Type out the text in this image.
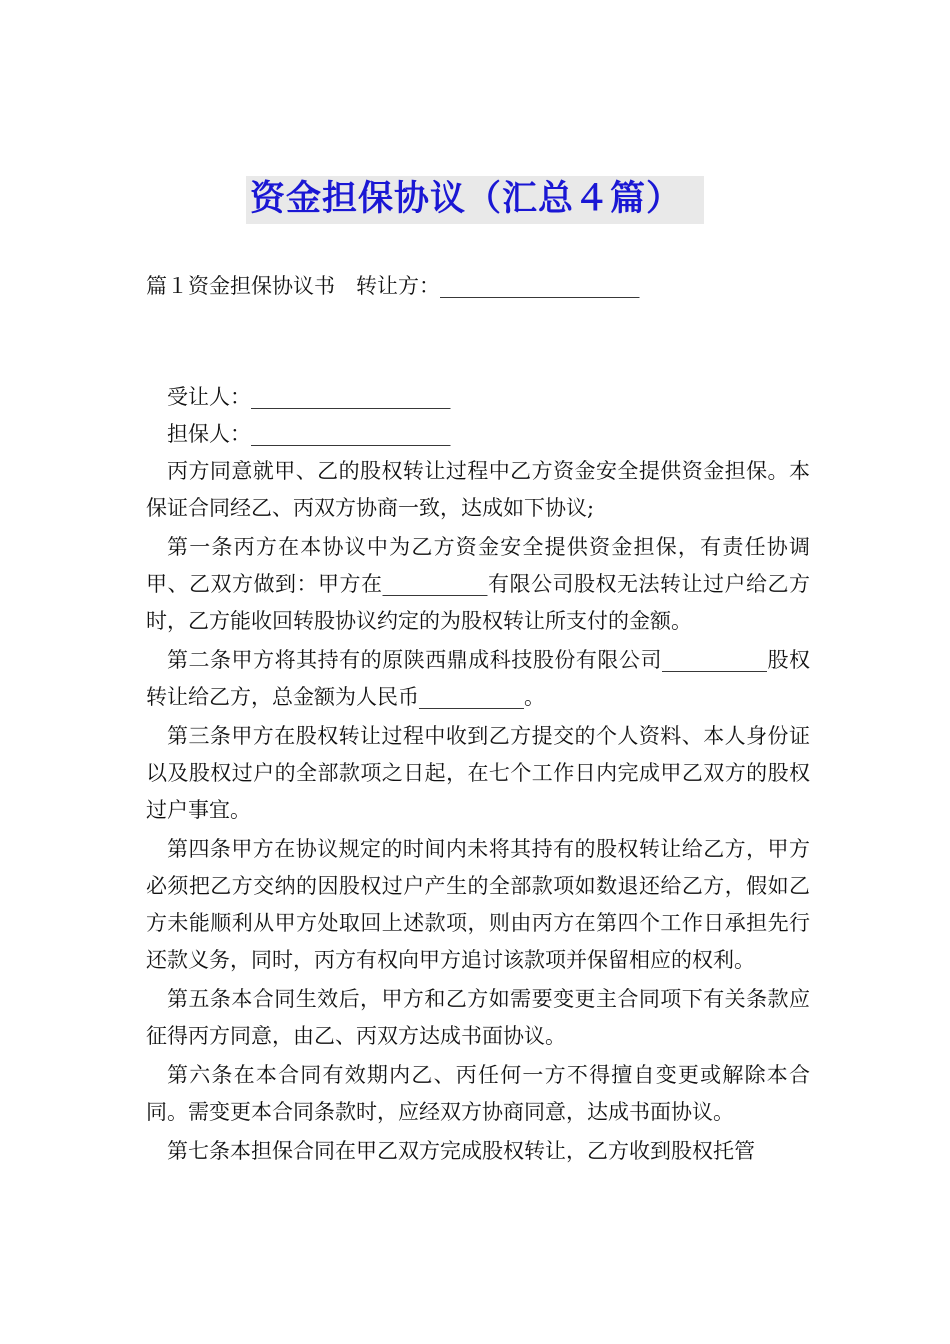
资金担保协议（汇总４篇）

篇１资金担保协议书　转让方：___________________

受让人：___________________

担保人：___________________

丙方同意就甲、乙的股权转让过程中乙方资金安全提供资金担保。本保证合同经乙、丙双方协商一致，达成如下协议;

第一条丙方在本协议中为乙方资金安全提供资金担保，有责任协调甲、乙双方做到：甲方在__________有限公司股权无法转让过户给乙方时，乙方能收回转股协议约定的为股权转让所支付的金额。

第二条甲方将其持有的原陕西鼎成科技股份有限公司__________股权转让给乙方，总金额为人民币__________。

第三条甲方在股权转让过程中收到乙方提交的个人资料、本人身份证以及股权过户的全部款项之日起，在七个工作日内完成甲乙双方的股权过户事宜。

第四条甲方在协议规定的时间内未将其持有的股权转让给乙方，甲方必须把乙方交纳的因股权过户产生的全部款项如数退还给乙方，假如乙方未能顺利从甲方处取回上述款项，则由丙方在第四个工作日承担先行还款义务，同时，丙方有权向甲方追讨该款项并保留相应的权利。

第五条本合同生效后，甲方和乙方如需要变更主合同项下有关条款应征得丙方同意，由乙、丙双方达成书面协议。

第六条在本合同有效期内乙、丙任何一方不得擅自变更或解除本合同。需变更本合同条款时，应经双方协商同意，达成书面协议。

第七条本担保合同在甲乙双方完成股权转让，乙方收到股权托管
